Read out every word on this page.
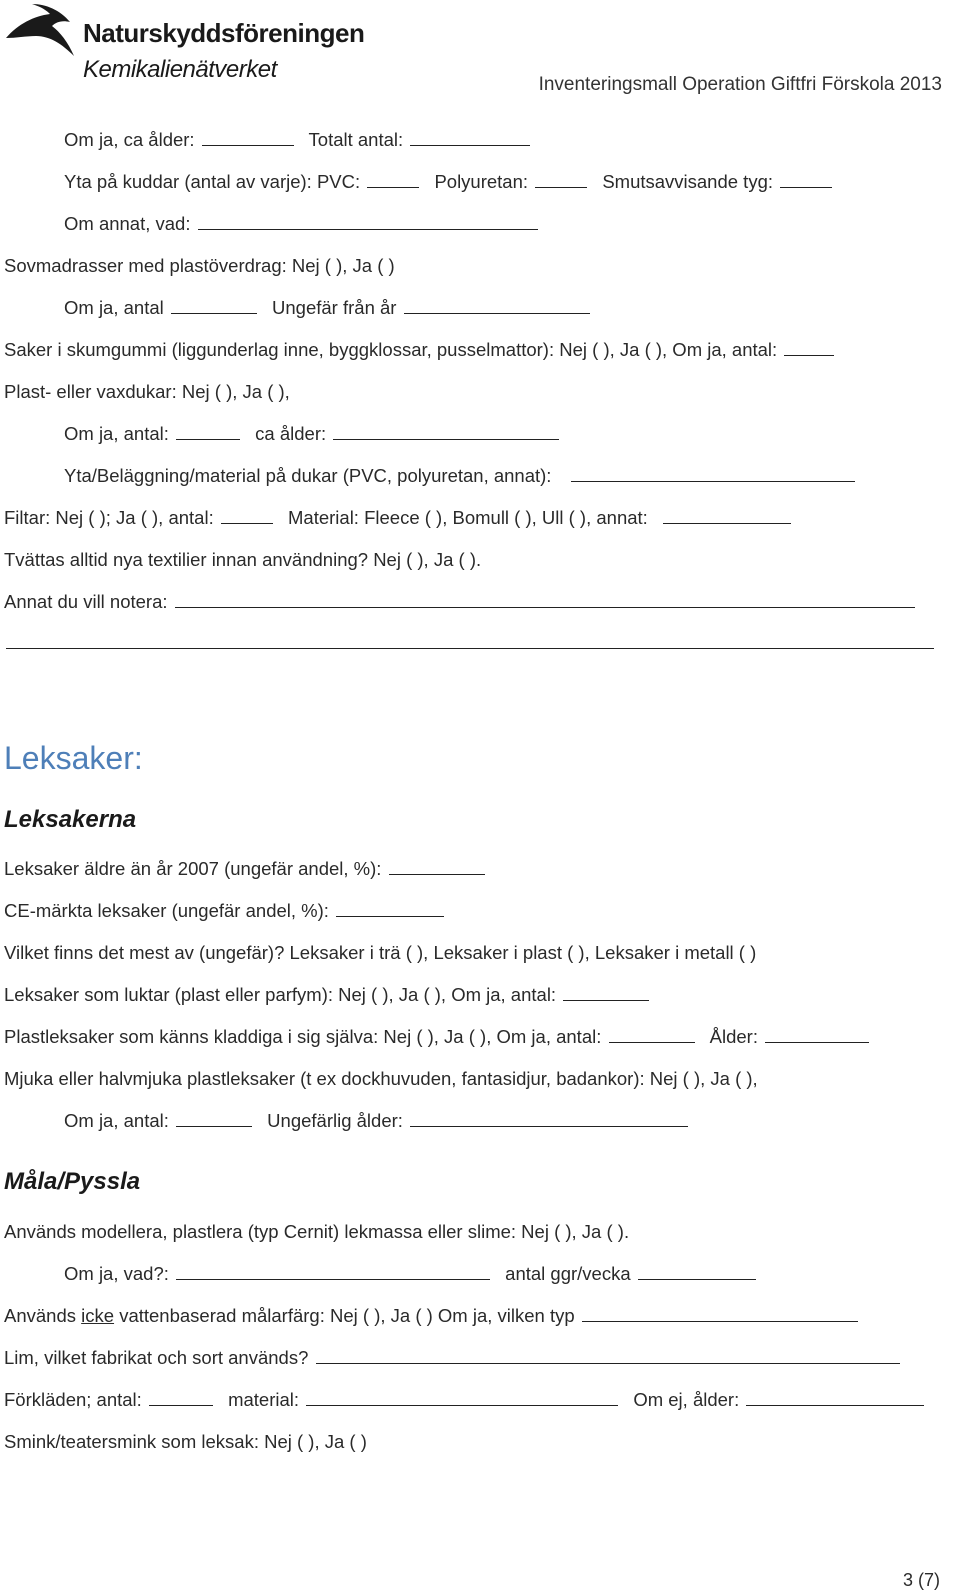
Naturskyddsföreningen
Kemikalienätverket
Inventeringsmall Operation Giftfri Förskola 2013
Om ja, ca ålder:	Totalt antal:
Yta på kuddar (antal av varje): PVC:	Polyuretan:	Smutsavvisande tyg:
Om annat, vad:
Sovmadrasser med plastöverdrag: Nej ( ), Ja ( )
Om ja, antal	Ungefär från år
Saker i skumgummi (liggunderlag inne, byggklossar, pusselmattor): Nej ( ), Ja ( ), Om ja, antal:
Plast- eller vaxdukar: Nej ( ), Ja ( ),
Om ja, antal:	ca ålder:
Yta/Beläggning/material på dukar (PVC, polyuretan, annat):
Filtar: Nej ( ); Ja ( ), antal:	Material: Fleece ( ), Bomull ( ), Ull ( ), annat:
Tvättas alltid nya textilier innan användning? Nej ( ), Ja ( ).
Annat du vill notera:
Leksaker:
Leksakerna
Leksaker äldre än år 2007 (ungefär andel, %):
CE-märkta leksaker (ungefär andel, %):
Vilket finns det mest av (ungefär)? Leksaker i trä ( ), Leksaker i plast ( ), Leksaker i metall ( )
Leksaker som luktar (plast eller parfym): Nej ( ), Ja ( ), Om ja, antal:
Plastleksaker som känns kladdiga i sig själva: Nej ( ), Ja ( ), Om ja, antal:	Ålder:
Mjuka eller halvmjuka plastleksaker (t ex dockhuvuden, fantasidjur, badankor): Nej ( ), Ja ( ),
Om ja, antal:	Ungefärlig ålder:
Måla/Pyssla
Används modellera, plastlera (typ Cernit) lekmassa eller slime: Nej ( ), Ja ( ).
Om ja, vad?:	antal ggr/vecka
Används icke vattenbaserad målarfärg: Nej ( ), Ja ( ) Om ja, vilken typ
Lim, vilket fabrikat och sort används?
Förkläden; antal:	material:	Om ej, ålder:
Smink/teatersmink som leksak: Nej ( ), Ja ( )
3 (7)
